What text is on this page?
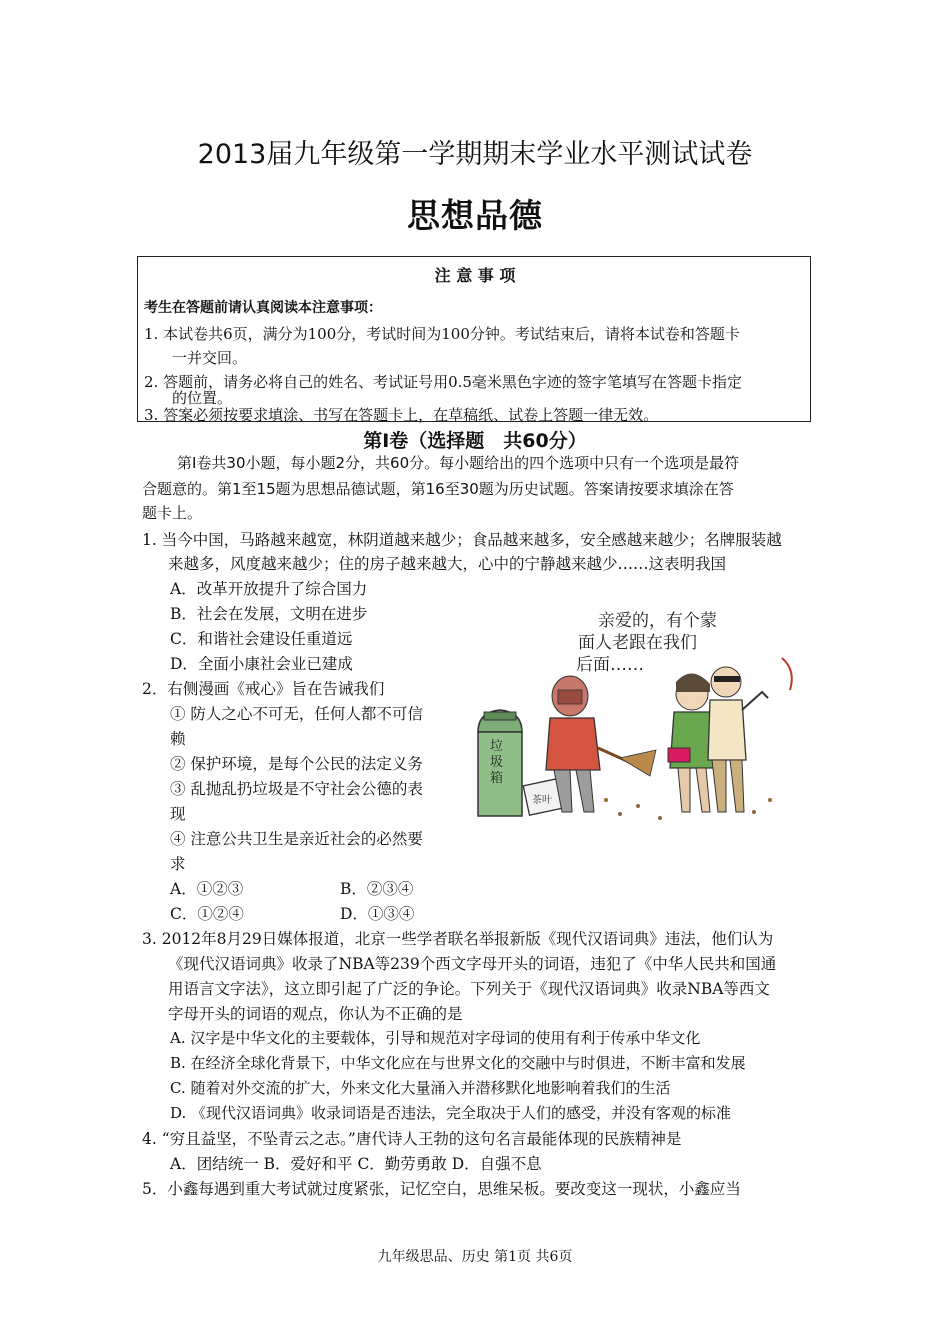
2013届九年级第一学期期末学业水平测试试卷
思想品德
注 意 事 项
考生在答题前请认真阅读本注意事项：
1. 本试卷共6页，满分为100分，考试时间为100分钟。考试结束后，请将本试卷和答题卡
一并交回。
2. 答题前，请务必将自己的姓名、考试证号用0.5毫米黑色字迹的签字笔填写在答题卡指定
的位置。
3. 答案必须按要求填涂、书写在答题卡上，在草稿纸、试卷上答题一律无效。
第Ⅰ卷（选择题　共60分）
第Ⅰ卷共30小题，每小题2分，共60分。每小题给出的四个选项中只有一个选项是最符
合题意的。第1至15题为思想品德试题，第16至30题为历史试题。答案请按要求填涂在答
题卡上。
1. 当今中国，马路越来越宽，林阴道越来越少；食品越来越多，安全感越来越少；名牌服装越
来越多，风度越来越少；住的房子越来越大，心中的宁静越来越少……这表明我国
A．改革开放提升了综合国力
B．社会在发展，文明在进步
C．和谐社会建设任重道远
D．全面小康社会业已建成
2．右侧漫画《戒心》旨在告诫我们
① 防人之心不可无，任何人都不可信
赖
② 保护环境，是每个公民的法定义务
③ 乱抛乱扔垃圾是不守社会公德的表
现
④ 注意公共卫生是亲近社会的必然要
求
A．①②③	B．②③④
C．①②④	D．①③④
亲爱的，有个蒙
面人老跟在我们
后面……
垃
圾
箱
茶叶
3. 2012年8月29日媒体报道，北京一些学者联名举报新版《现代汉语词典》违法，他们认为
《现代汉语词典》收录了NBA等239个西文字母开头的词语，违犯了《中华人民共和国通
用语言文字法》，这立即引起了广泛的争论。下列关于《现代汉语词典》收录NBA等西文
字母开头的词语的观点，你认为不正确的是
A. 汉字是中华文化的主要载体，引导和规范对字母词的使用有利于传承中华文化
B. 在经济全球化背景下，中华文化应在与世界文化的交融中与时俱进，不断丰富和发展
C. 随着对外交流的扩大，外来文化大量涌入并潜移默化地影响着我们的生活
D. 《现代汉语词典》收录词语是否违法，完全取决于人们的感受，并没有客观的标准
4. “穷且益坚，不坠青云之志。”唐代诗人王勃的这句名言最能体现的民族精神是
A．团结统一 B．爱好和平 C．勤劳勇敢 D．自强不息
5．小鑫每遇到重大考试就过度紧张，记忆空白，思维呆板。要改变这一现状，小鑫应当
九年级思品、历史 第1页 共6页
